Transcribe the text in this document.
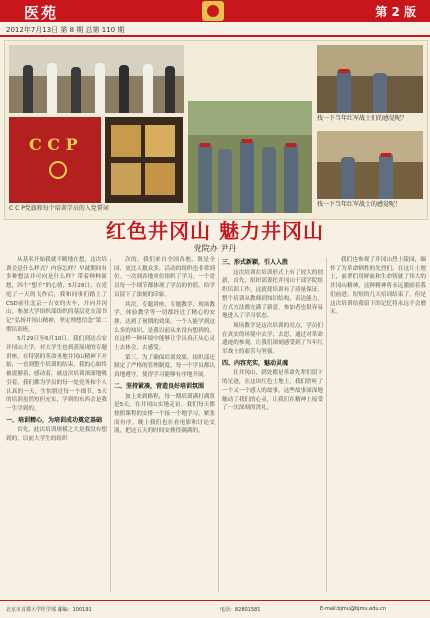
医苑	第 2 版
2012年7月13日 第 8 期 总第 110 期
C C P
C C P党旗和每个培训学员的入党誓词
找一下当年红军战士们的感觉呢？
找一下当年红军战士的感觉呢！
红色井冈山 魅力井冈山
党院办 尹丹

从基名开始我就不断地在想，这次培训会是什么样式？内容怎样？早就期间有多种想法并可向是什么样？带着种种新想，四个“想不”的心情，5月29日，在党庭了一天的飞作后，我和同事们踏上了CSD前往北京一吉安的火车，开向井冈山。参加大学组织部组织的基层党支部书记“弘扬井冈山精神，坚定理想信念”第二期培训班。

5月29日至6月10日，我们到达吉安并冈山大学，对大学生也到获展现的专题讲座，在特别的革命圣地井冈山精神下开始，一直到整个培训的结束，我的心始终被震撼着，感动着，被这次培训深深地吸引着。我们都为学员的每一处党务和个人认真的一天，生怕错过每一个细节，5天的培训虽然短但充实，学到的东西会是我一生学到的。

一、培训精心，为培训成功奠定基础

首先，此次培训规模之大是我没有想到的，以前大学生的组织

次的，我们来自全国各地，既是全国，更比人数众多，活动的组织也非常到位。一次到各地单位组织了学习，一个党员每一个细节都体现了学员的价值，给学员留下了深刻的印象。

其次，专题讲座，专题教学，现场教学，体验教学等一切都经过了精心的安排，达到了预期的效果。一个人能学到这么多的知识，是我以前从来没有想到的。在这样一种环境中能够让学员真正从心灵上去体会，去感受。

第三，为了确保培训效果，组织部还制定了严格的管理制度，每一个学员都认真地遵守，使得学习能够有序地开展。

二、坚持紧凑，营造良好培训氛围

加上来到路程，每一期培训满打满算是5天，在井冈山实地走访。我们每天都按照课程的安排一个接一个地学习，紧张而有序。晚上我们也在看电影和讨论交流，把这五天的时间安排得满满的。

三、形式新颖，引人入胜

这次培训在培训形式上有了较大的创新，首先，组织部委托井冈山干部学院组织培训工作，这就使培训有了质量保证。整个培训从教师到知识结构，表达能力，方式方法都充满了新意，参加者也很容易地进入了学习状态。

现场教学是这次培训的亮点，学员们在真实的环境中去学，去思，通过对革命遗迹的参观，让我们深刻感受到了当年红军战士的艰苦与坚强。

四、内容充实，魅动灵魂

在井冈山，到处都是革命先辈们留下的足迹，在这块红色土地上，我们聆听了一个又一个感人的故事，这些故事深深地触动了我们的心灵，让我们在精神上接受了一次深刻的洗礼。

我们也参观了井冈山烈士陵园，缅怀了为革命牺牲的先烈们。在这片土地上，前辈们用鲜血和生命铸就了伟大的井冈山精神，这种精神将永远激励着我们前进。短短的几天培训结束了，但是这次培训给我留下的记忆将永远不会磨灭。

北京市首都大学医学部 邮编：100191	电话：82801581	E-mail:bjmu@bjmu.edu.cn
